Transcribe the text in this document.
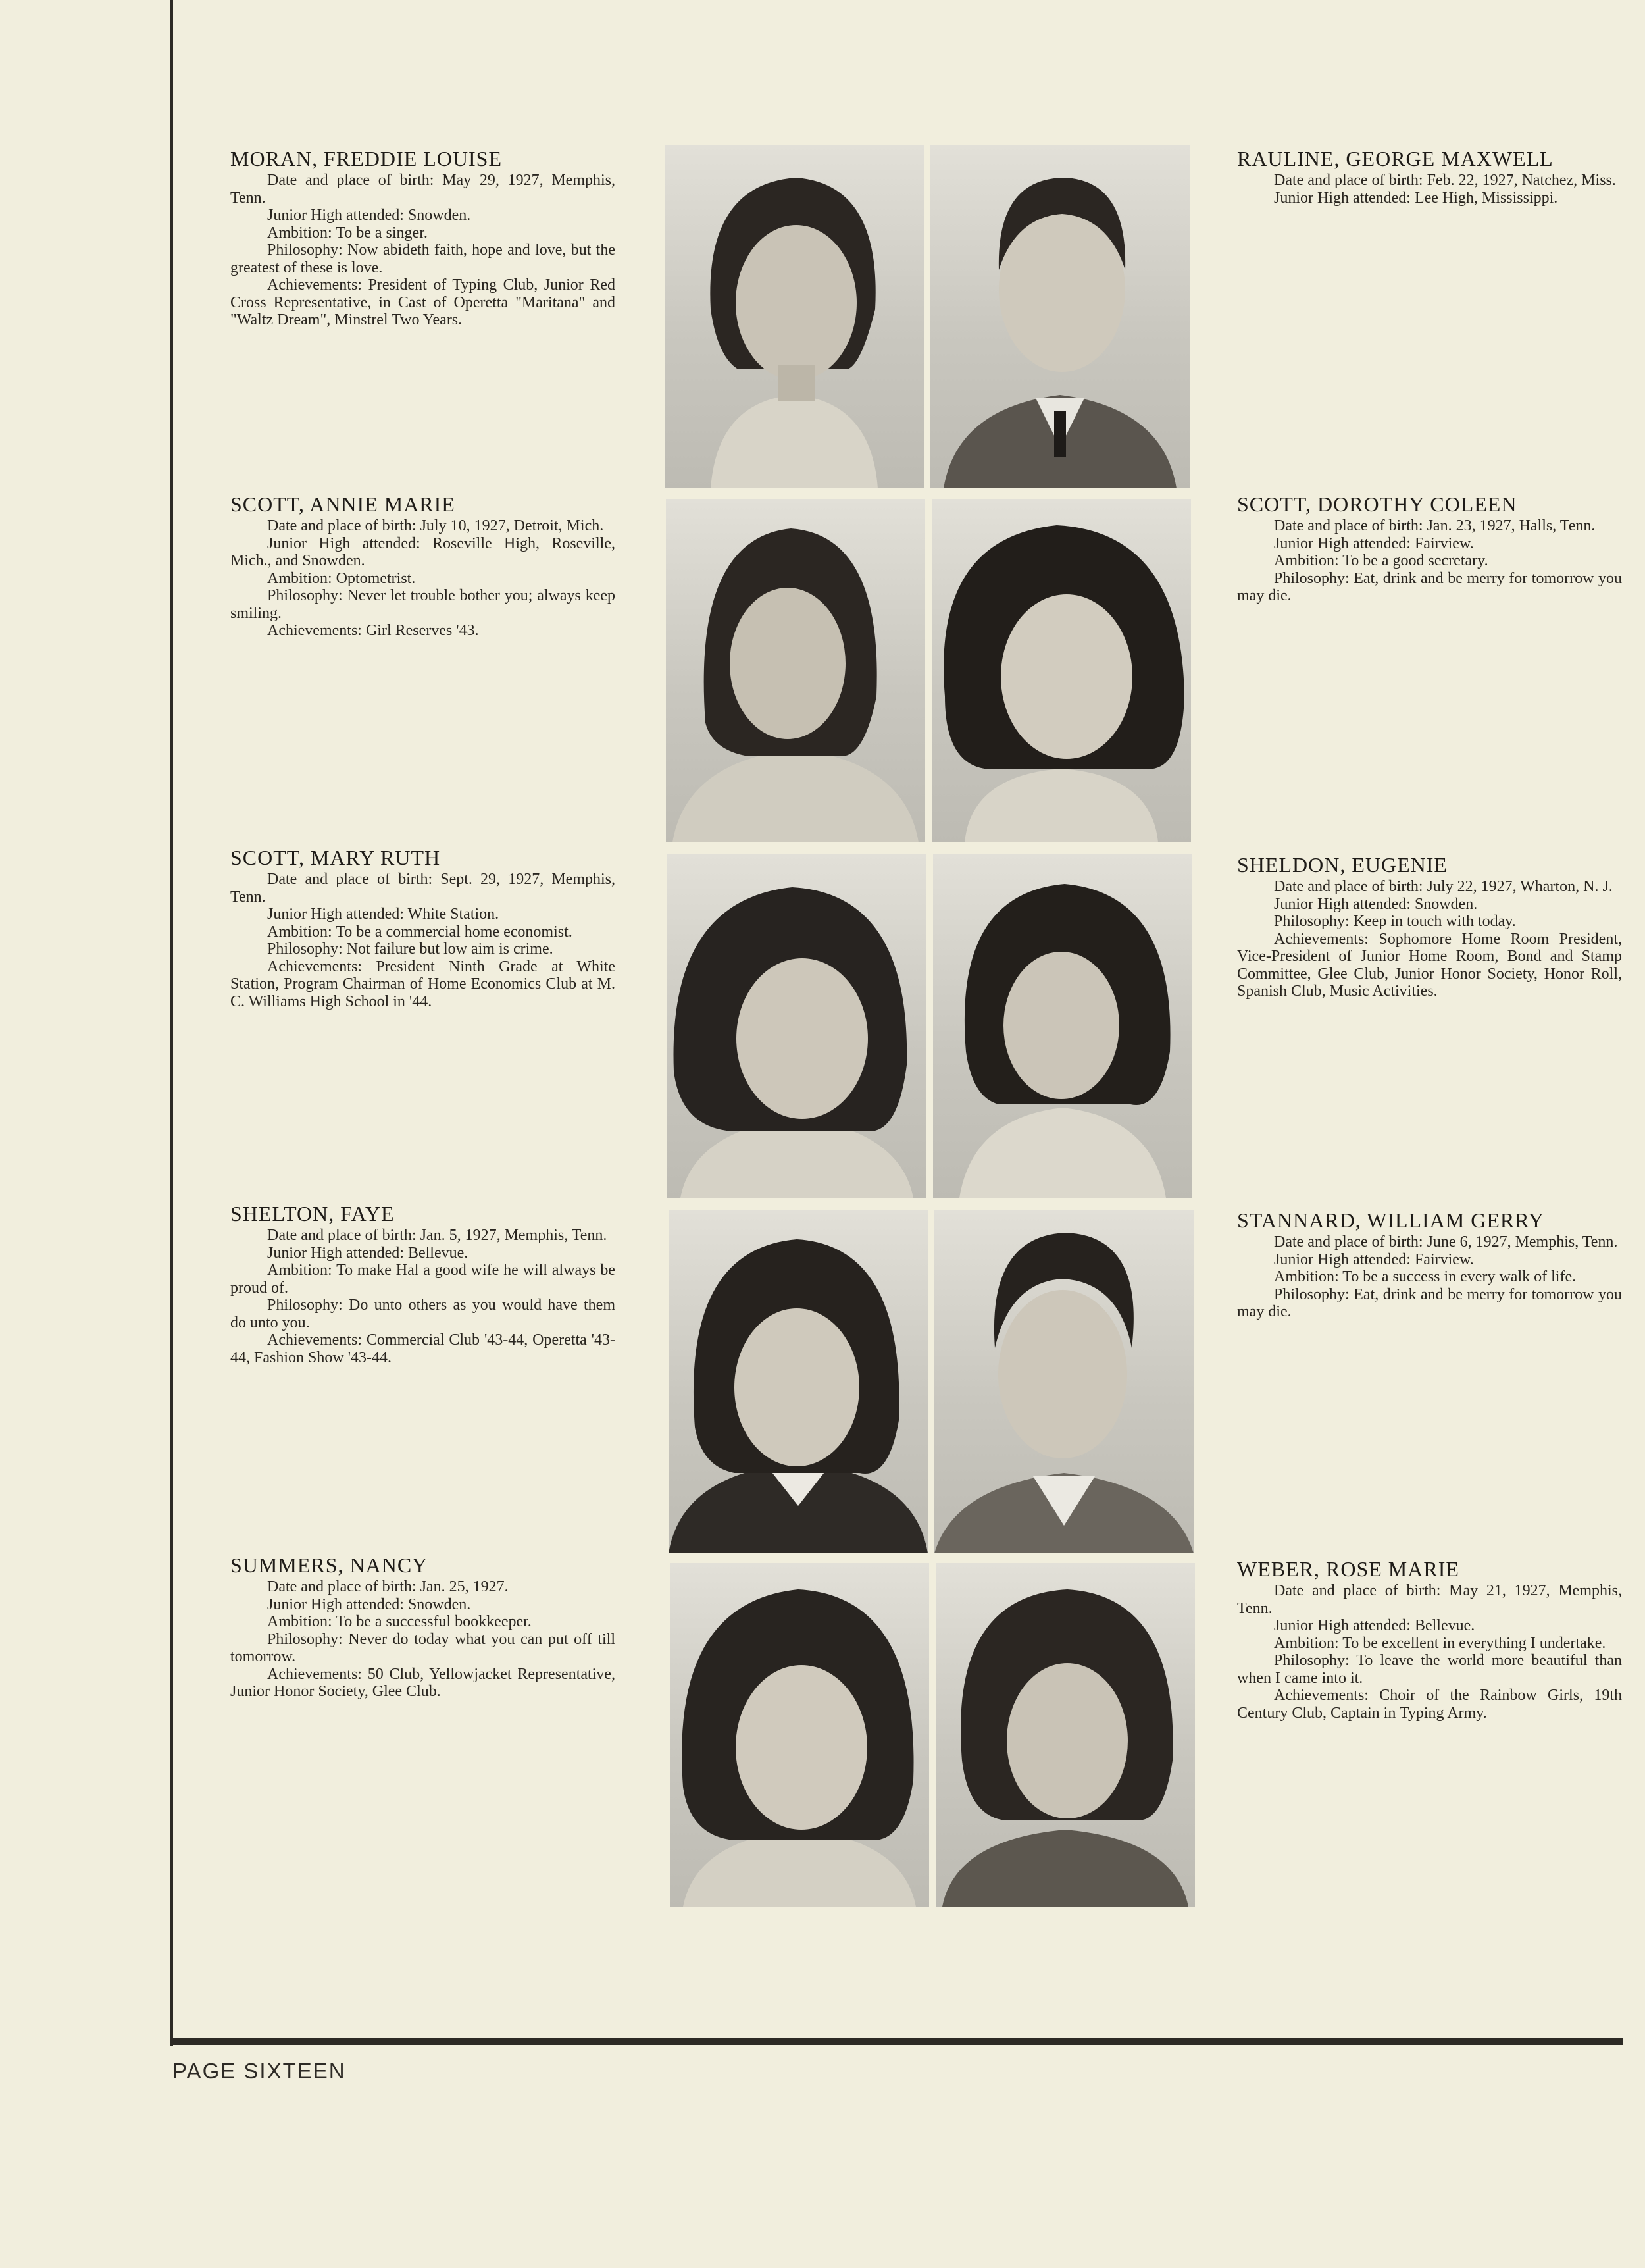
PAGE SIXTEEN
MORAN, FREDDIE LOUISE
Date and place of birth: May 29, 1927, Memphis, Tenn.
Junior High attended: Snowden.
Ambition: To be a singer.
Philosophy: Now abideth faith, hope and love, but the greatest of these is love.
Achievements: President of Typing Club, Junior Red Cross Representative, in Cast of Operetta "Maritana" and "Waltz Dream", Minstrel Two Years.
RAULINE, GEORGE MAXWELL
Date and place of birth: Feb. 22, 1927, Natchez, Miss.
Junior High attended: Lee High, Mississippi.
SCOTT, ANNIE MARIE
Date and place of birth: July 10, 1927, Detroit, Mich.
Junior High attended: Roseville High, Roseville, Mich., and Snowden.
Ambition: Optometrist.
Philosophy: Never let trouble bother you; always keep smiling.
Achievements: Girl Reserves '43.
SCOTT, DOROTHY COLEEN
Date and place of birth: Jan. 23, 1927, Halls, Tenn.
Junior High attended: Fairview.
Ambition: To be a good secretary.
Philosophy: Eat, drink and be merry for tomorrow you may die.
SCOTT, MARY RUTH
Date and place of birth: Sept. 29, 1927, Memphis, Tenn.
Junior High attended: White Station.
Ambition: To be a commercial home economist.
Philosophy: Not failure but low aim is crime.
Achievements: President Ninth Grade at White Station, Program Chairman of Home Economics Club at M. C. Williams High School in '44.
SHELDON, EUGENIE
Date and place of birth: July 22, 1927, Wharton, N. J.
Junior High attended: Snowden.
Philosophy: Keep in touch with today.
Achievements: Sophomore Home Room President, Vice-President of Junior Home Room, Bond and Stamp Committee, Glee Club, Junior Honor Society, Honor Roll, Spanish Club, Music Activities.
SHELTON, FAYE
Date and place of birth: Jan. 5, 1927, Memphis, Tenn.
Junior High attended: Bellevue.
Ambition: To make Hal a good wife he will always be proud of.
Philosophy: Do unto others as you would have them do unto you.
Achievements: Commercial Club '43-44, Operetta '43-44, Fashion Show '43-44.
STANNARD, WILLIAM GERRY
Date and place of birth: June 6, 1927, Memphis, Tenn.
Junior High attended: Fairview.
Ambition: To be a success in every walk of life.
Philosophy: Eat, drink and be merry for tomorrow you may die.
SUMMERS, NANCY
Date and place of birth: Jan. 25, 1927.
Junior High attended: Snowden.
Ambition: To be a successful bookkeeper.
Philosophy: Never do today what you can put off till tomorrow.
Achievements: 50 Club, Yellowjacket Representative, Junior Honor Society, Glee Club.
WEBER, ROSE MARIE
Date and place of birth: May 21, 1927, Memphis, Tenn.
Junior High attended: Bellevue.
Ambition: To be excellent in everything I undertake.
Philosophy: To leave the world more beautiful than when I came into it.
Achievements: Choir of the Rainbow Girls, 19th Century Club, Captain in Typing Army.
